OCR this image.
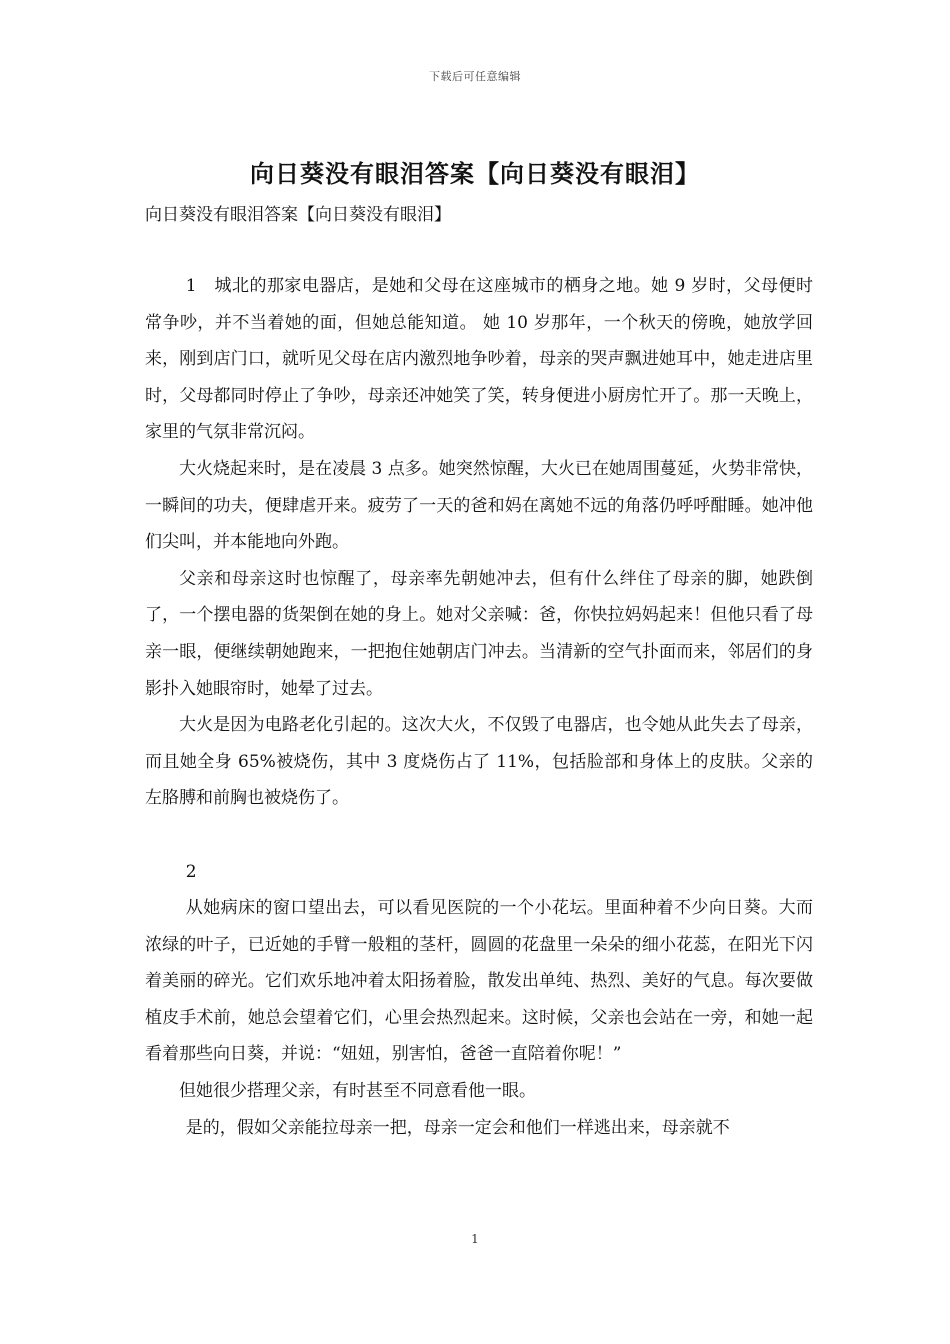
下载后可任意编辑
向日葵没有眼泪答案【向日葵没有眼泪】

向日葵没有眼泪答案【向日葵没有眼泪】

1　城北的那家电器店，是她和父母在这座城市的栖身之地。她 9 岁时，父母便时常争吵，并不当着她的面，但她总能知道。 她 10 岁那年，一个秋天的傍晚，她放学回来，刚到店门口，就听见父母在店内激烈地争吵着，母亲的哭声飘进她耳中，她走进店里时，父母都同时停止了争吵，母亲还冲她笑了笑，转身便进小厨房忙开了。那一天晚上，家里的气氛非常沉闷。

大火烧起来时，是在凌晨 3 点多。她突然惊醒，大火已在她周围蔓延，火势非常快，一瞬间的功夫，便肆虐开来。疲劳了一天的爸和妈在离她不远的角落仍呼呼酣睡。她冲他们尖叫，并本能地向外跑。

父亲和母亲这时也惊醒了，母亲率先朝她冲去，但有什么绊住了母亲的脚，她跌倒了，一个摆电器的货架倒在她的身上。她对父亲喊：爸，你快拉妈妈起来！但他只看了母亲一眼，便继续朝她跑来，一把抱住她朝店门冲去。当清新的空气扑面而来，邻居们的身影扑入她眼帘时，她晕了过去。

大火是因为电路老化引起的。这次大火，不仅毁了电器店，也令她从此失去了母亲，而且她全身 65%被烧伤，其中 3 度烧伤占了 11%，包括脸部和身体上的皮肤。父亲的左胳膊和前胸也被烧伤了。

2

从她病床的窗口望出去，可以看见医院的一个小花坛。里面种着不少向日葵。大而浓绿的叶子，已近她的手臂一般粗的茎杆，圆圆的花盘里一朵朵的细小花蕊，在阳光下闪着美丽的碎光。它们欢乐地冲着太阳扬着脸，散发出单纯、热烈、美好的气息。每次要做植皮手术前，她总会望着它们，心里会热烈起来。这时候，父亲也会站在一旁，和她一起看着那些向日葵，并说：“妞妞，别害怕，爸爸一直陪着你呢！”

但她很少搭理父亲，有时甚至不同意看他一眼。

是的，假如父亲能拉母亲一把，母亲一定会和他们一样逃出来，母亲就不

1
